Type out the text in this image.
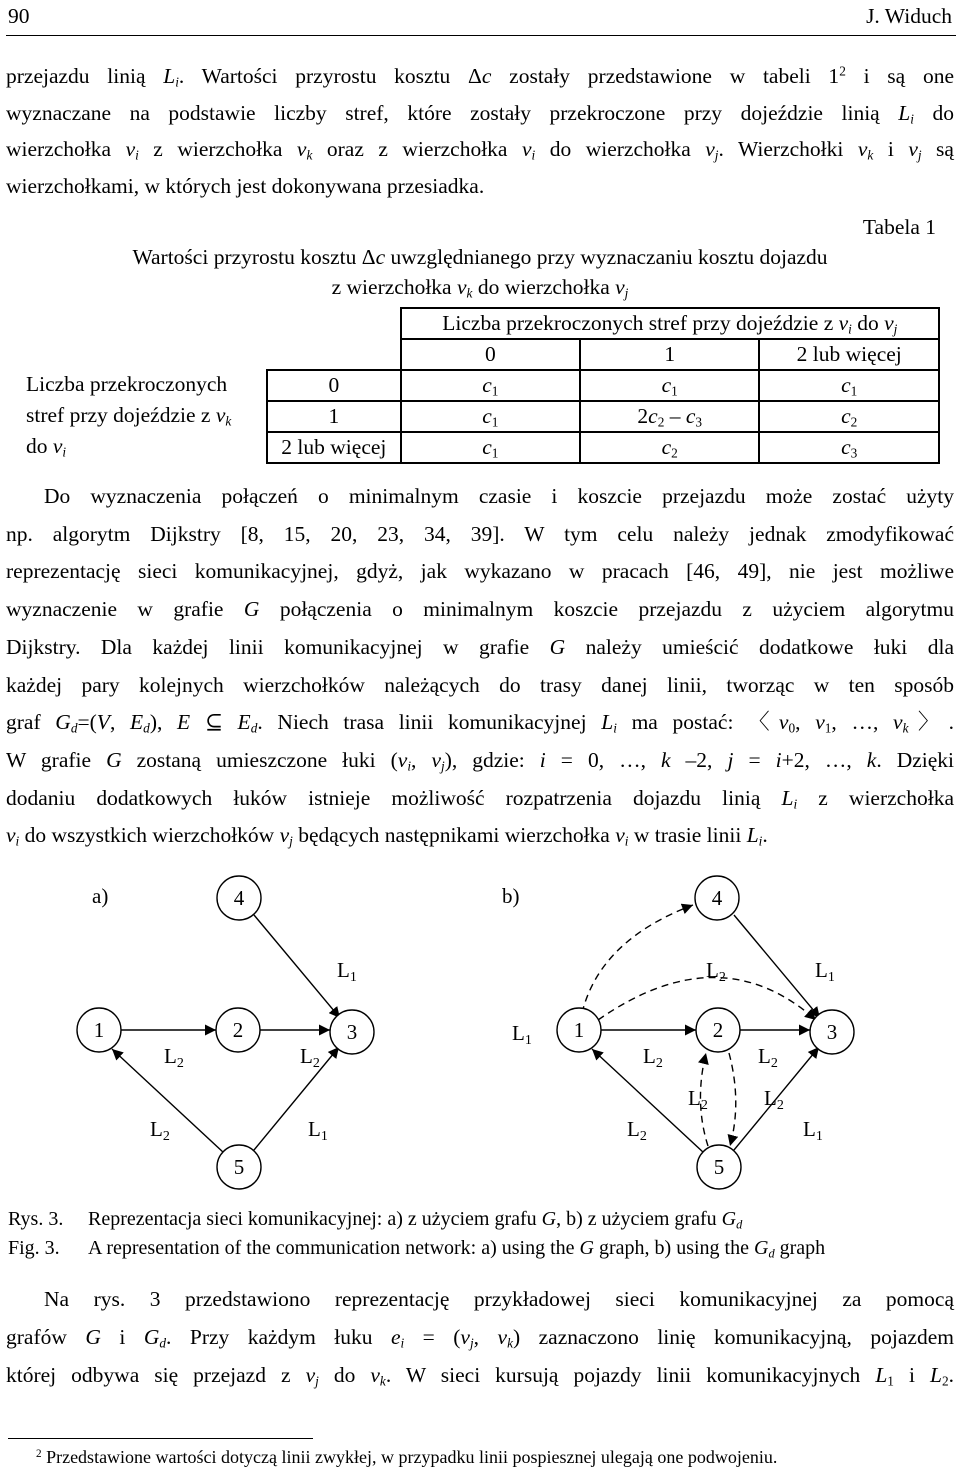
90	J. Widuch
przejazdu linią $L_i$. Wartości przyrostu kosztu Δc zostały przedstawione w tabeli $1^2$ i są one
wyznaczane na podstawie liczby stref, które zostały przekroczone przy dojeździe linią $L_i$ do
wierzchołka $v_i$ z wierzchołka $v_k$ oraz z wierzchołka $v_i$ do wierzchołka $v_j$. Wierzchołki $v_k$ i $v_j$ są
wierzchołkami, w których jest dokonywana przesiadka.
Tabela 1
Wartości przyrostu kosztu Δc uwzględnianego przy wyznaczaniu kosztu dojazdu
z wierzchołka $v_k$ do wierzchołka $v_j$
Liczba przekroczonych
stref przy dojeździe z $v_k$
do $v_i$
	Liczba przekroczonych stref przy dojeździe z $v_i$ do $v_j$
	0	1	2 lub więcej
0	$c_1$	$c_1$	$c_1$
1	$c_1$	$2c_2 - c_3$	$c_2$
2 lub więcej	$c_1$	$c_2$	$c_3$
Do wyznaczenia połączeń o minimalnym czasie i koszcie przejazdu może zostać użyty
np. algorytm Dijkstry [8, 15, 20, 23, 34, 39]. W tym celu należy jednak zmodyfikować
reprezentację sieci komunikacyjnej, gdyż, jak wykazano w pracach [46, 49], nie jest możliwe
wyznaczenie w grafie G połączenia o minimalnym koszcie przejazdu z użyciem algorytmu
Dijkstry. Dla każdej linii komunikacyjnej w grafie G należy umieścić dodatkowe łuki dla
każdej pary kolejnych wierzchołków należących do trasy danej linii, tworząc w ten sposób
graf $G_d=(V$, $E_d$), E ⊆ $E_d$. Niech trasa linii komunikacyjnej $L_i$ ma postać: 〈$v_0$, $v_1$, …, $v_k$〉.
W grafie G zostaną umieszczone łuki ($v_i$, $v_j$), gdzie: i = 0, …, k –2, j = i+2, …, k. Dzięki
dodaniu dodatkowych łuków istnieje możliwość rozpatrzenia dojazdu linią $L_i$ z wierzchołka
$v_i$ do wszystkich wierzchołków $v_j$ będących następnikami wierzchołka $v_i$ w trasie linii $L_i$.
a)	4
1	2	3
5
L1
L2	L2
L2	L1
b)	4
1	2	3
5
L2	L1
L1
L2	L2
L2	L2
L2	L1
Rys. 3. Reprezentacja sieci komunikacyjnej: a) z użyciem grafu G, b) z użyciem grafu $G_d$
Fig. 3. A representation of the communication network: a) using the G graph, b) using the $G_d$ graph
Na rys. 3 przedstawiono reprezentację przykładowej sieci komunikacyjnej za pomocą
grafów G i $G_d$. Przy każdym łuku $e_i = (v_j$, $v_k$) zaznaczono linię komunikacyjną, pojazdem
której odbywa się przejazd z $v_j$ do $v_k$. W sieci kursują pojazdy linii komunikacyjnych $L_1$ i $L_2$.
$^2$ Przedstawione wartości dotyczą linii zwykłej, w przypadku linii pospiesznej ulegają one podwojeniu.
